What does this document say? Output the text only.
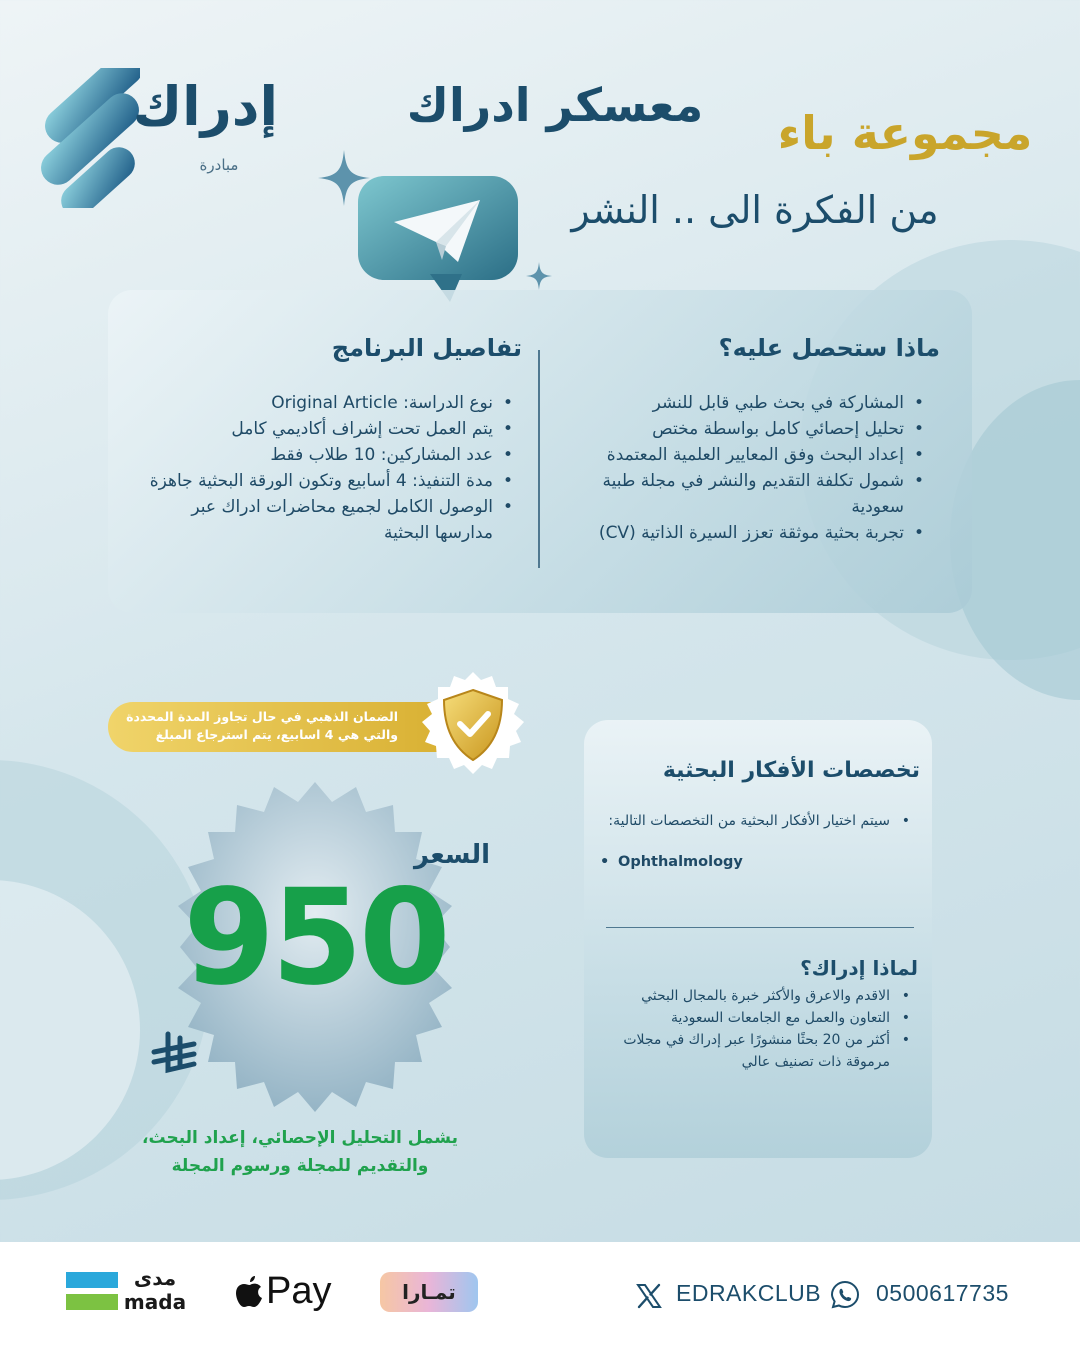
إدراك
مبادرة
معسكر ادراك
مجموعة باء
من الفكرة الى .. النشر
ماذا ستحصل عليه؟
• المشاركة في بحث طبي قابل للنشر
• تحليل إحصائي كامل بواسطة مختص
• إعداد البحث وفق المعايير العلمية المعتمدة
• شمول تكلفة التقديم والنشر في مجلة طبية سعودية
• تجربة بحثية موثقة تعزز السيرة الذاتية (CV)
تفاصيل البرنامج
• نوع الدراسة: Original Article
• يتم العمل تحت إشراف أكاديمي كامل
• عدد المشاركين: 10 طلاب فقط
• مدة التنفيذ: 4 أسابيع وتكون الورقة البحثية جاهزة
• الوصول الكامل لجميع محاضرات ادراك عبر مدارسها البحثية
الضمان الذهبي في حال تجاوز المدة المحددة
والتي هي 4 اسابيع، يتم استرجاع المبلغ
السعر
950
يشمل التحليل الإحصائي، إعداد البحث،
والتقديم للمجلة ورسوم المجلة
تخصصات الأفكار البحثية
• سيتم اختيار الأفكار البحثية من التخصصات التالية:
• Ophthalmology
لماذا إدراك؟
• الاقدم والاعرق والأكثر خبرة بالمجال البحثي
• التعاون والعمل مع الجامعات السعودية
• أكثر من 20 بحثًا منشورًا عبر إدراك في مجلات مرموقة ذات تصنيف عالي
مدى
mada Pay	تمـارا	EDRAKCLUB 0500617735
